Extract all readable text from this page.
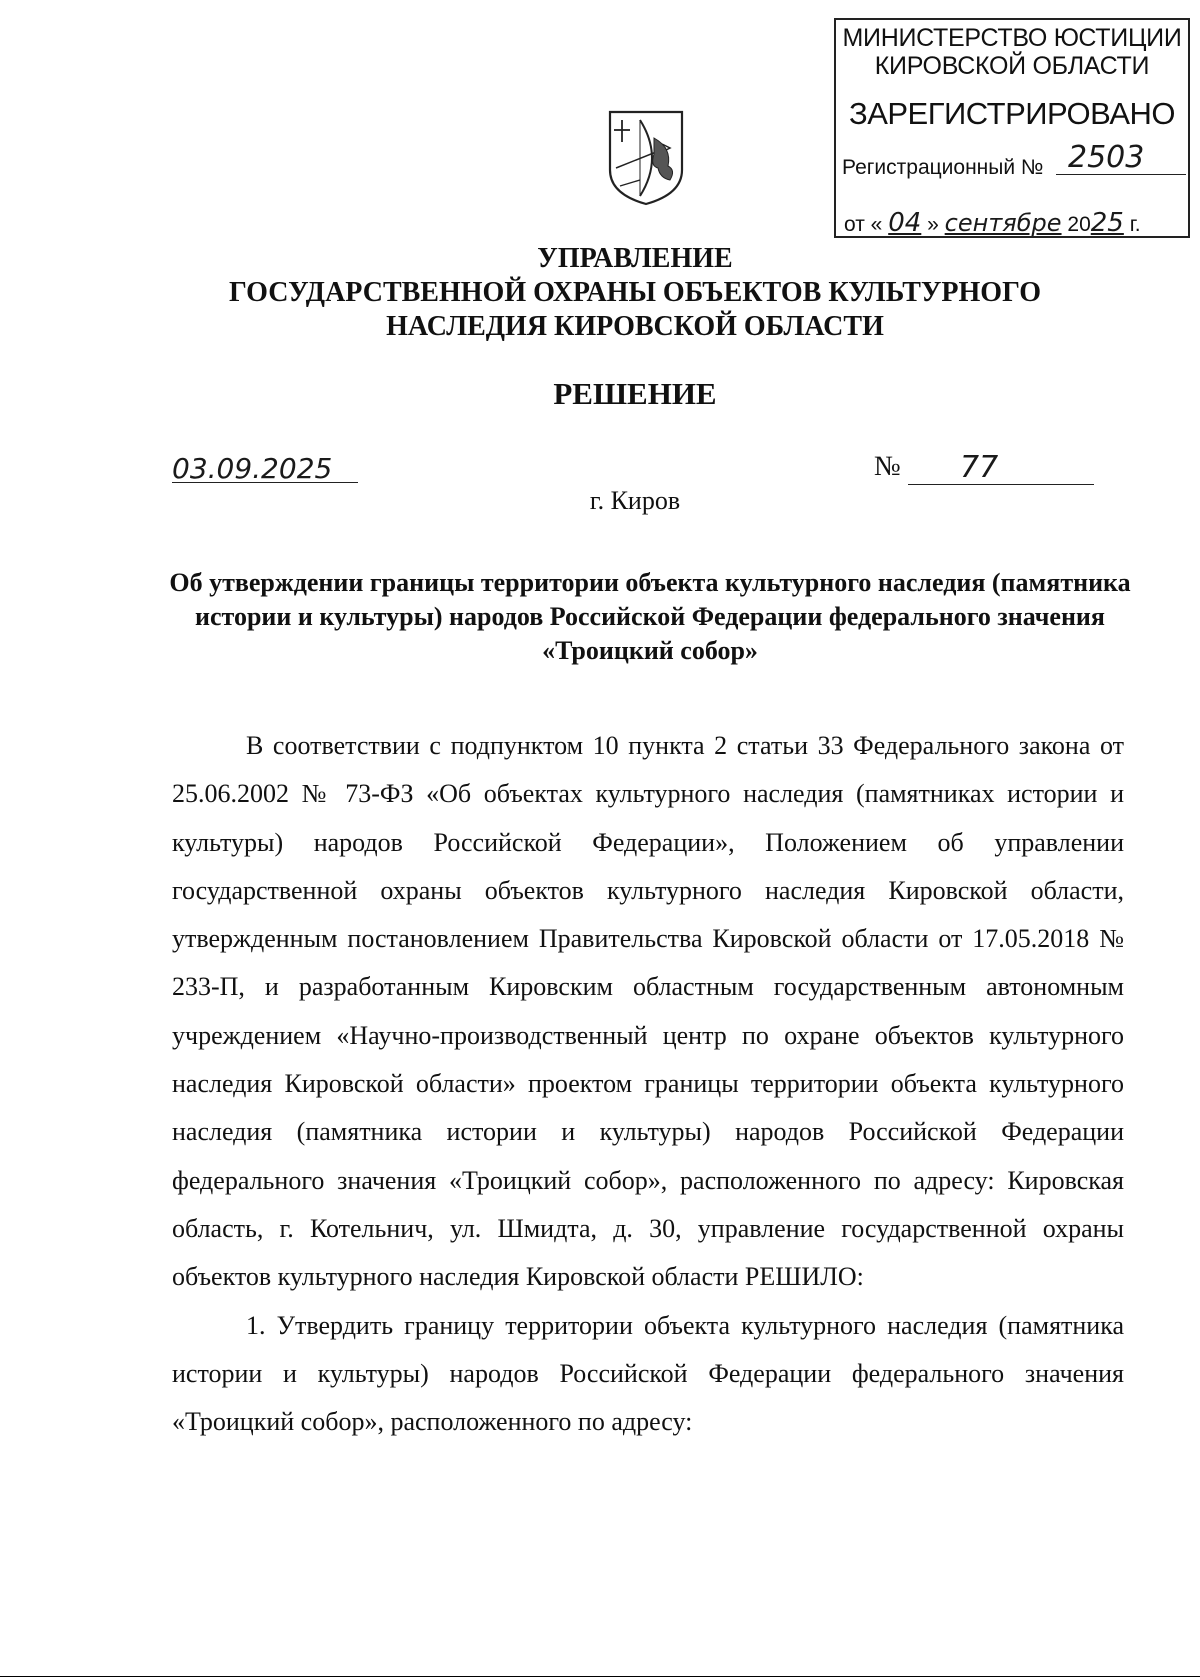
МИНИСТЕРСТВО ЮСТИЦИИ
КИРОВСКОЙ ОБЛАСТИ
ЗАРЕГИСТРИРОВАНО
Регистрационный № 2503
от « 04 » сентябре 2025 г.
УПРАВЛЕНИЕ
ГОСУДАРСТВЕННОЙ ОХРАНЫ ОБЪЕКТОВ КУЛЬТУРНОГО
НАСЛЕДИЯ КИРОВСКОЙ ОБЛАСТИ
РЕШЕНИЕ
03.09.2025	№ 77
г. Киров
Об утверждении границы территории объекта культурного наследия (памятника истории и культуры) народов Российской Федерации федерального значения «Троицкий собор»

В соответствии с подпунктом 10 пункта 2 статьи 33 Федерального закона от 25.06.2002 № 73-ФЗ «Об объектах культурного наследия (памятниках истории и культуры) народов Российской Федерации», Положением об управлении государственной охраны объектов культурного наследия Кировской области, утвержденным постановлением Правительства Кировской области от 17.05.2018 № 233-П, и разработанным Кировским областным государственным автономным учреждением «Научно-производственный центр по охране объектов культурного наследия Кировской области» проектом границы территории объекта культурного наследия (памятника истории и культуры) народов Российской Федерации федерального значения «Троицкий собор», расположенного по адресу: Кировская область, г. Котельнич, ул. Шмидта, д. 30, управление государственной охраны объектов культурного наследия Кировской области РЕШИЛО:

1. Утвердить границу территории объекта культурного наследия (памятника истории и культуры) народов Российской Федерации федерального значения «Троицкий собор», расположенного по адресу:
